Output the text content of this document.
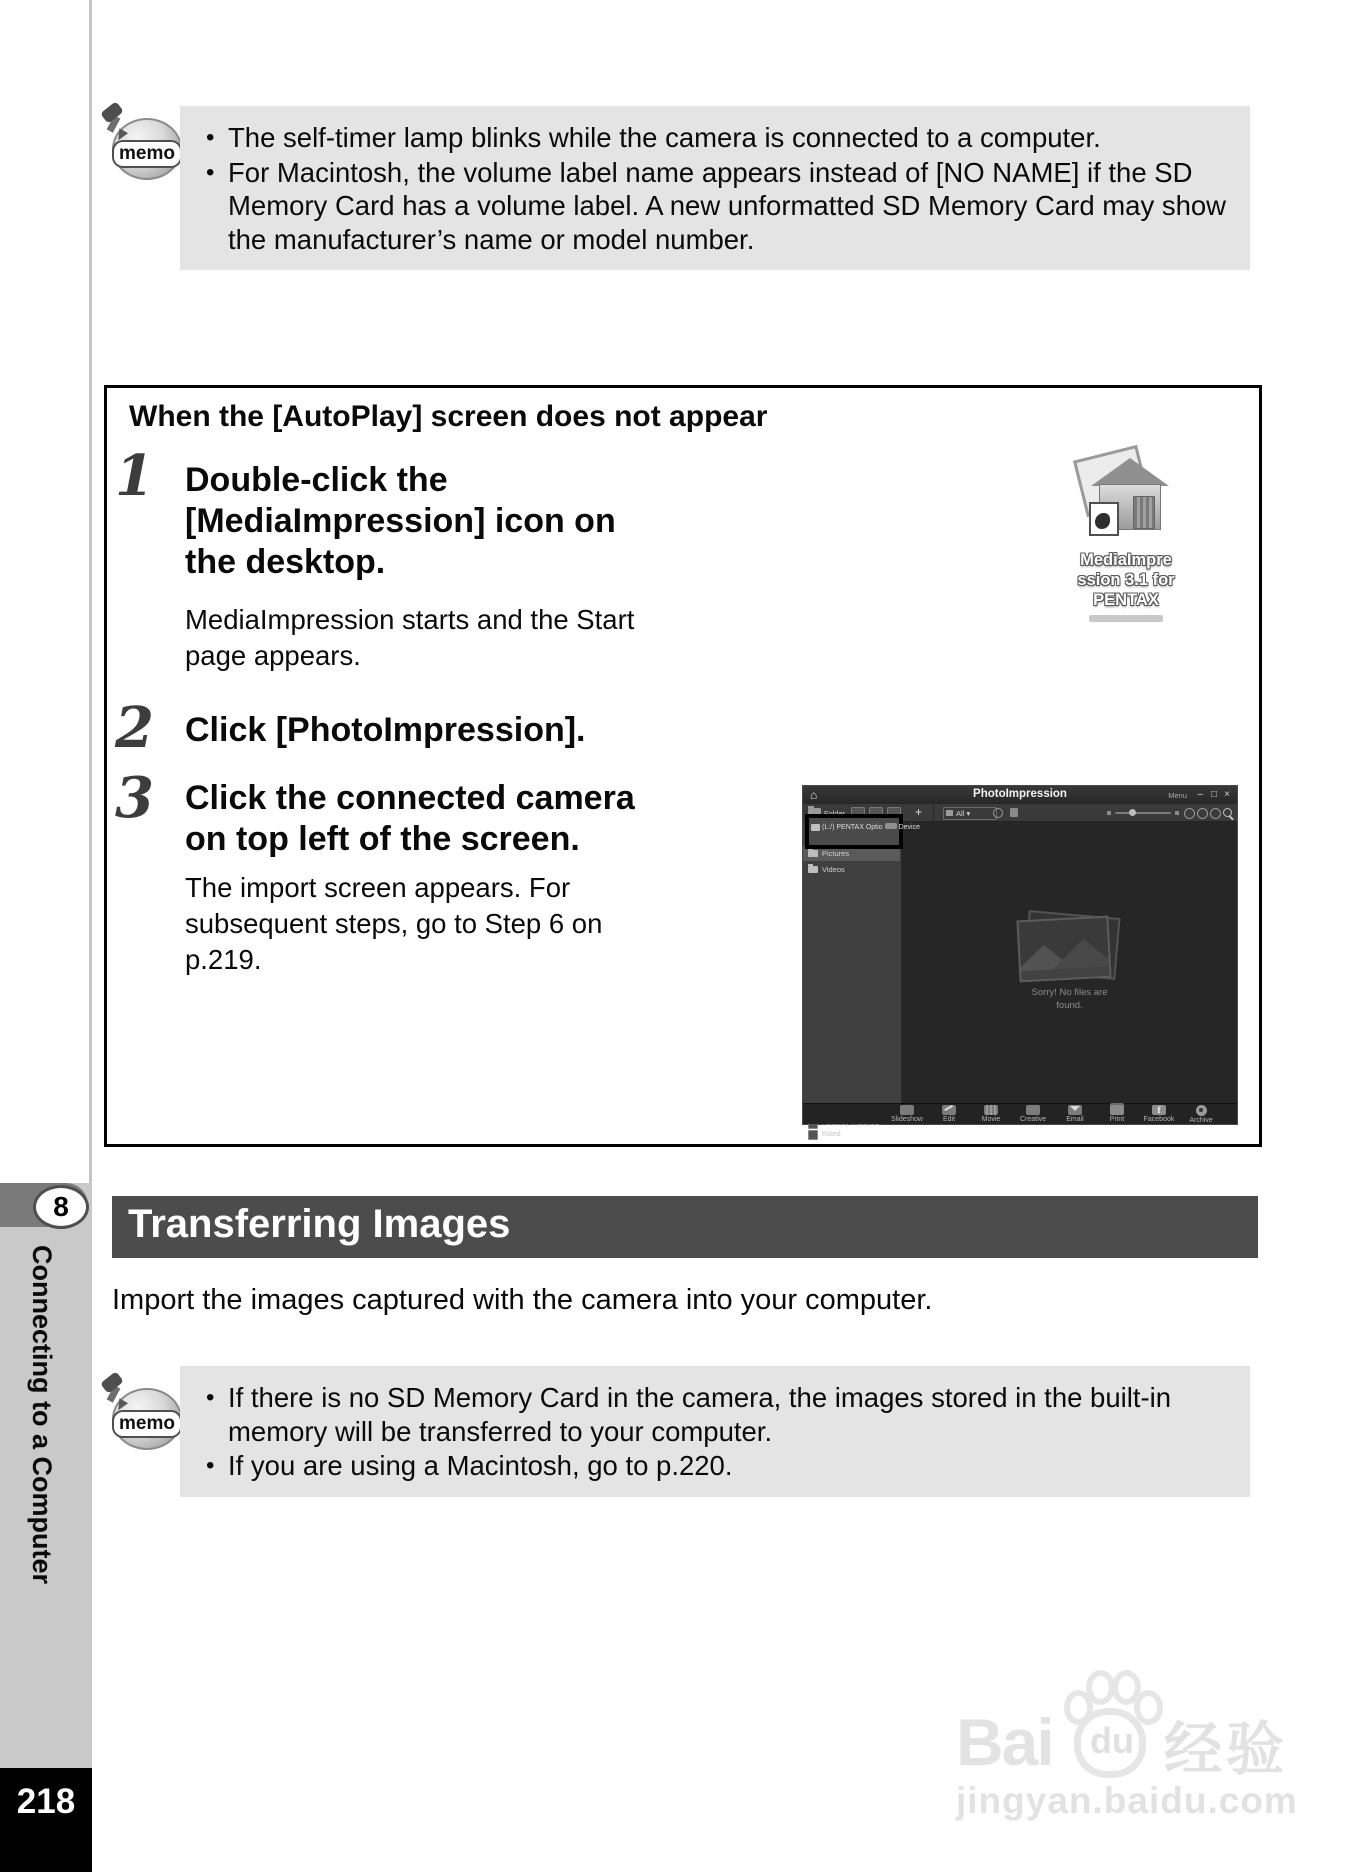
memo
• The self-timer lamp blinks while the camera is connected to a computer.
• For Macintosh, the volume label name appears instead of [NO NAME] if the SD Memory Card has a volume label. A new unformatted SD Memory Card may show the manufacturer’s name or model number.
When the [AutoPlay] screen does not appear
1 Double-click the
[MediaImpression] icon on
the desktop.
MediaImpression starts and the Start
page appears.
MediaImpre
ssion 3.1 for
PENTAX
2 Click [PhotoImpression].
3 Click the connected camera
on top left of the screen.
The import screen appears. For
subsequent steps, go to Step 6 on
p.219.
⌂	PhotoImpression	Menu – □ ×
+	All ▾
Pictures
Videos
Rated
(L:/) PENTAX Optio Device
Sorry! No files are
found.
Slideshow	Edit	Movie	Creative	Email	Print
f
Facebook Archive
8
Connecting to a Computer
218
Transferring Images
Import the images captured with the camera into your computer.
memo
• If there is no SD Memory Card in the camera, the images stored in the built-in memory will be transferred to your computer.
• If you are using a Macintosh, go to p.220.
Bai du 经验
jingyan.baidu.com
